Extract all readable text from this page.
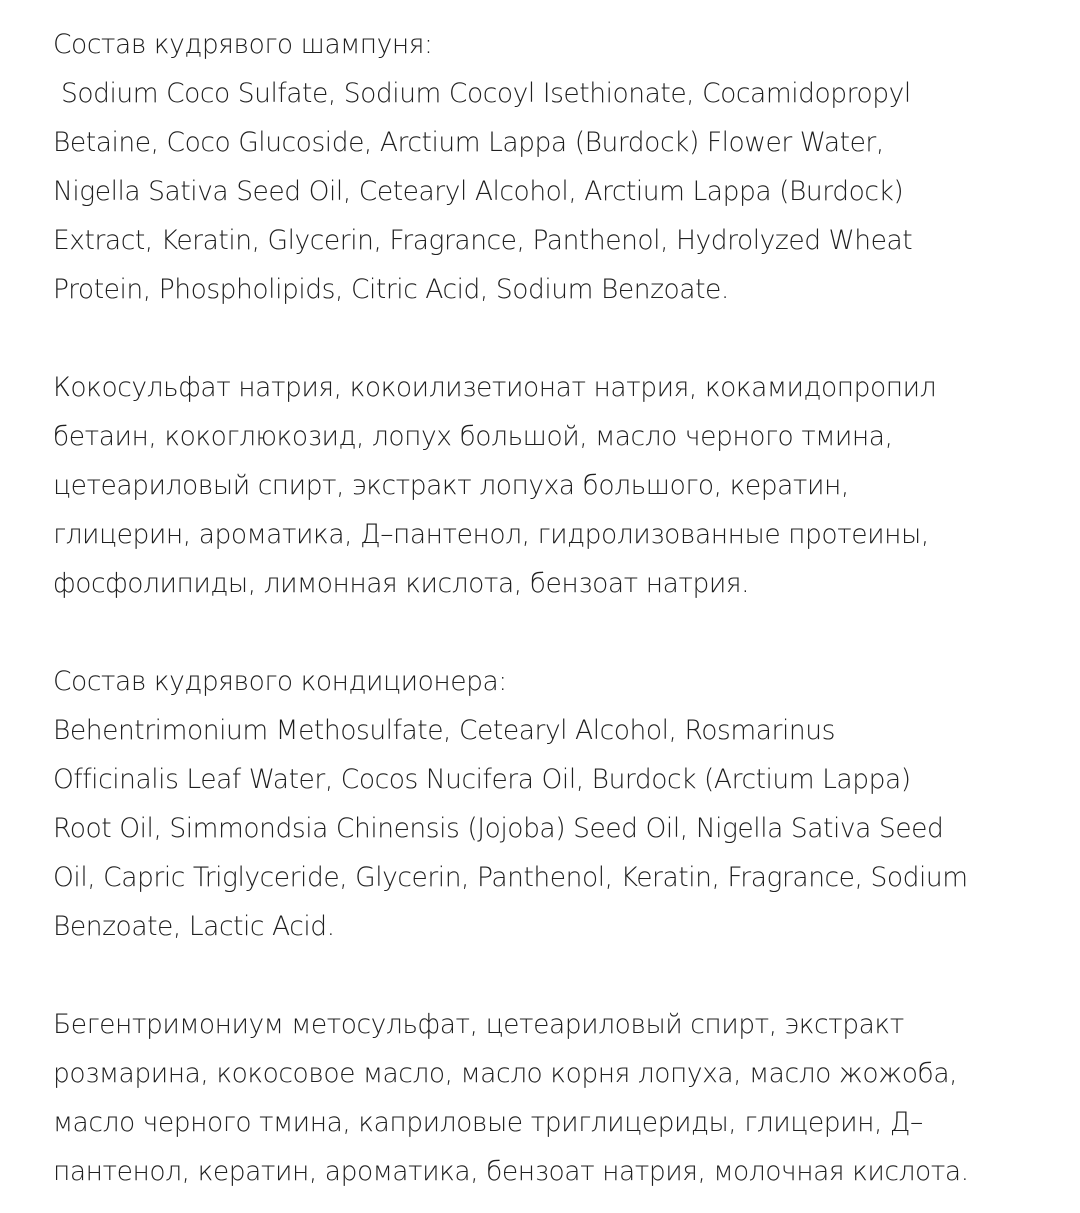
Состав кудрявого шампуня:
Sodium Coco Sulfate, Sodium Cocoyl Isethionate, Cocamidopropyl
Betaine, Coco Glucoside, Arctium Lappa (Burdock) Flower Water,
Nigella Sativa Seed Oil, Cetearyl Alcohol, Arctium Lappa (Burdock)
Extract, Keratin, Glycerin, Fragrance, Panthenol, Hydrolyzed Wheat
Protein, Phospholipids, Citric Acid, Sodium Benzoate.
Кокосульфат натрия, кокоилизетионат натрия, кокамидопропил
бетаин, кокоглюкозид, лопух большой, масло черного тмина,
цетеариловый спирт, экстракт лопуха большого, кератин,
глицерин, ароматика, Д–пантенол, гидролизованные протеины,
фосфолипиды, лимонная кислота, бензоат натрия.
Состав кудрявого кондиционера:
Behentrimonium Methosulfate, Cetearyl Alcohol, Rosmarinus
Officinalis Leaf Water, Cocos Nucifera Oil, Burdock (Arctium Lappa)
Root Oil, Simmondsia Chinensis (Jojoba) Seed Oil, Nigella Sativa Seed
Oil, Capric Triglyceride, Glycerin, Panthenol, Keratin, Fragrance, Sodium
Benzoate, Lactic Acid.
Бегентримониум метосульфат, цетеариловый спирт, экстракт
розмарина, кокосовое масло, масло корня лопуха, масло жожоба,
масло черного тмина, каприловые триглицериды, глицерин, Д–
пантенол, кератин, ароматика, бензоат натрия, молочная кислота.
